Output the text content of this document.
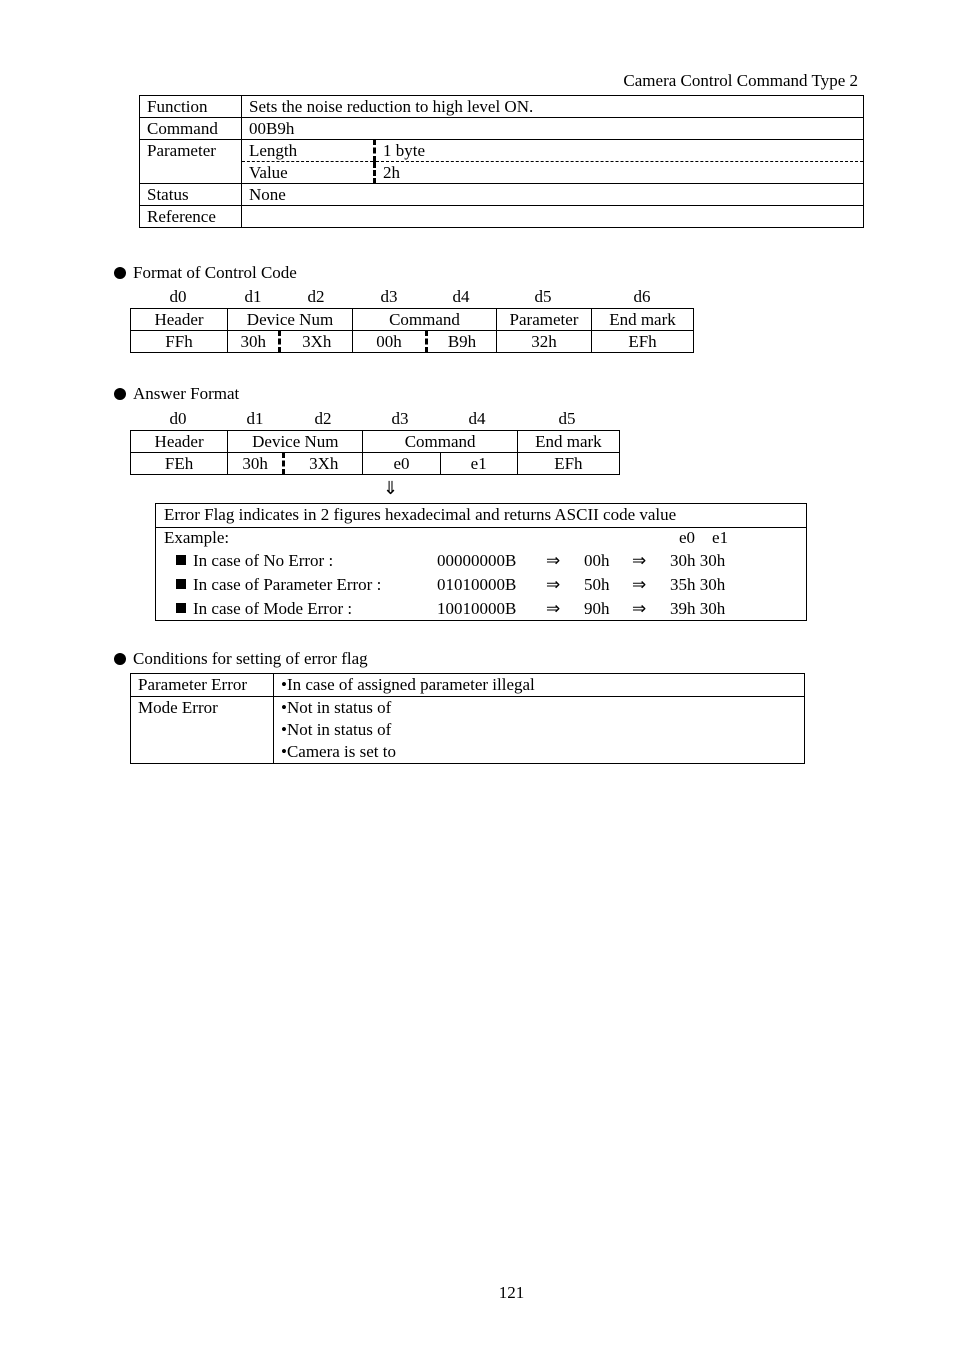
Camera Control Command Type 2
Function	Sets the noise reduction to high level ON.	
Command	00B9h	
Parameter	Length	1 byte
	Value	2h
Status	None	
Reference		
Format of Control Code
d0	d1	d2	d3	d4	d5	d6
Header	Device Num		Command		Parameter	End mark
FFh	30h	3Xh	00h	B9h	32h	EFh
Answer Format
d0	d1	d2	d3	d4	d5
Header	Device Num		Command		End mark
FEh	30h	3Xh	e0	e1	EFh
⇓
Error Flag indicates in 2 figures hexadecimal and returns ASCII code value
Example:	e0    e1
In case of No Error :	00000000B ⇒ 00h ⇒ 30h 30h
In case of Parameter Error :	01010000B ⇒ 50h ⇒ 35h 30h
In case of Mode Error :	10010000B ⇒ 90h ⇒ 39h 30h
Conditions for setting of error flag
Parameter Error	•In case of assigned parameter illegal
Mode Error	•Not in status of
•Not in status of
•Camera is set to
121
